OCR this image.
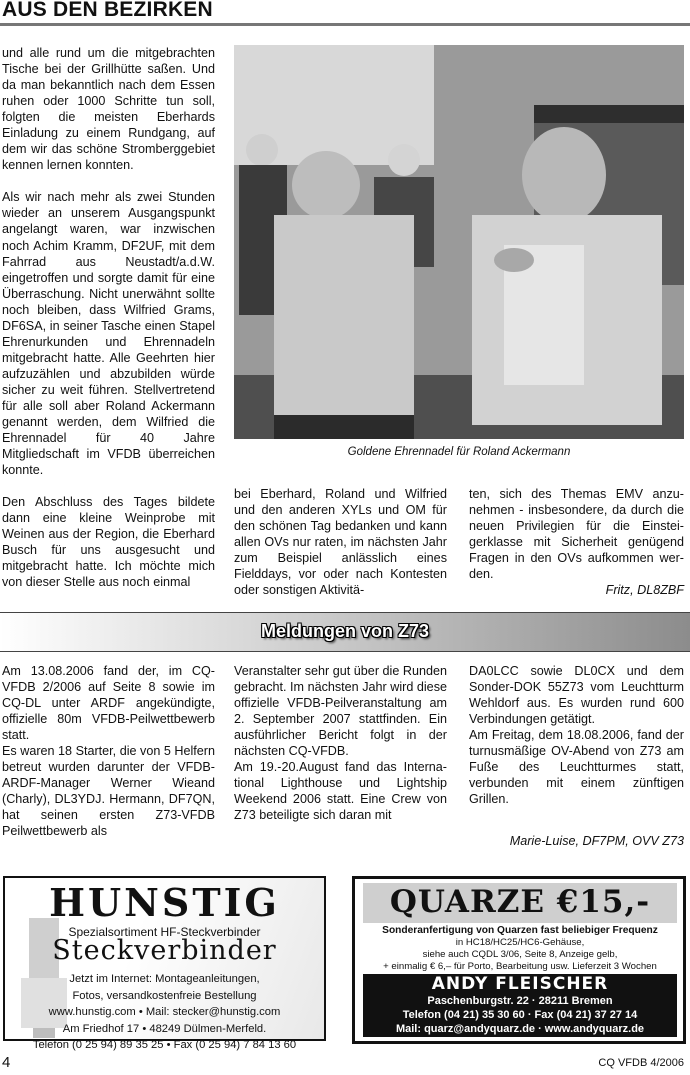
AUS DEN BEZIRKEN

und alle rund um die mitgebrachten Tische bei der Grillhütte saßen. Und da man bekanntlich nach dem Essen ruhen oder 1000 Schritte tun soll, folgten die meisten Eberhards Einladung zu einem Rundgang, auf dem wir das schöne Stromberggebiet kennen lernen konnten.

Als wir nach mehr als zwei Stunden wieder an unserem Ausgangspunkt angelangt waren, war inzwischen noch Achim Kramm, DF2UF, mit dem Fahrrad aus Neustadt/a.d.W. eingetroffen und sorgte damit für eine Überraschung. Nicht unerwähnt sollte noch bleiben, dass Wilfried Grams, DF6SA, in seiner Tasche einen Stapel Ehrenurkunden und Ehrennadeln mitgebracht hatte. Alle Geehrten hier aufzuzählen und abzubilden würde sicher zu weit führen. Stellvertretend für alle soll aber Roland Ackermann genannt werden, dem Wilfried die Ehrennadel für 40 Jahre Mitgliedschaft im VFDB überreichen konnte.

Den Abschluss des Tages bildete dann eine kleine Weinprobe mit Weinen aus der Region, die Eberhard Busch für uns ausgesucht und mitgebracht hatte. Ich möchte mich von dieser Stelle aus noch einmal

Goldene Ehrennadel für Roland Ackermann
bei Eberhard, Roland und Wilfried und den anderen XYLs und OM für den schönen Tag bedanken und kann allen OVs nur raten, im nächsten Jahr zum Beispiel anlässlich eines Fielddays, vor oder nach Kontesten oder sonstigen Aktivitä-
ten, sich des Themas EMV anzunehmen - insbesondere, da durch die neuen Privilegien für die Einsteigerklasse mit Sicherheit genügend Fragen in den OVs aufkommen werden.
Fritz, DL8ZBF
Meldungen von Z73
Am 13.08.2006 fand der, im CQ-VFDB 2/2006 auf Seite 8 sowie im CQ-DL unter ARDF angekündigte, offizielle 80m VFDB-Peilwettbewerb statt.
Es waren 18 Starter, die von 5 Helfern betreut wurden darunter der VFDB-ARDF-Manager Werner Wieand (Charly), DL3YDJ. Hermann, DF7QN, hat seinen ersten Z73-VFDB Peilwettbewerb als
Veranstalter sehr gut über die Runden gebracht. Im nächsten Jahr wird diese offizielle VFDB-Peilveranstaltung am 2. September 2007 stattfinden. Ein ausführlicher Bericht folgt in der nächsten CQ-VFDB.
Am 19.-20.August fand das International Lighthouse und Lightship Weekend 2006 statt. Eine Crew von Z73 beteiligte sich daran mit
DA0LCC sowie DL0CX und dem Sonder-DOK 55Z73 vom Leuchtturm Wehldorf aus. Es wurden rund 600 Verbindungen getätigt.
Am Freitag, dem 18.08.2006, fand der turnusmäßige OV-Abend von Z73 am Fuße des Leuchtturmes statt, verbunden mit einem zünftigen Grillen.
Marie-Luise, DF7PM, OVV Z73
HUNSTIG
Spezialsortiment HF-Steckverbinder
Steckverbinder
Jetzt im Internet: Montageanleitungen,
Fotos, versandkostenfreie Bestellung
www.hunstig.com • Mail: stecker@hunstig.com
Am Friedhof 17 • 48249 Dülmen-Merfeld.
Telefon (0 25 94) 89 35 25 • Fax (0 25 94) 7 84 13 60
QUARZE €15,-
Sonderanfertigung von Quarzen fast beliebiger Frequenz
in HC18/HC25/HC6-Gehäuse,
siehe auch CQDL 3/06, Seite 8, Anzeige gelb,
+ einmalig € 6,– für Porto, Bearbeitung usw. Lieferzeit 3 Wochen
ANDY FLEISCHER
Paschenburgstr. 22 · 28211 Bremen
Telefon (04 21) 35 30 60 · Fax (04 21) 37 27 14
Mail: quarz@andyquarz.de · www.andyquarz.de
4	CQ VFDB 4/2006
